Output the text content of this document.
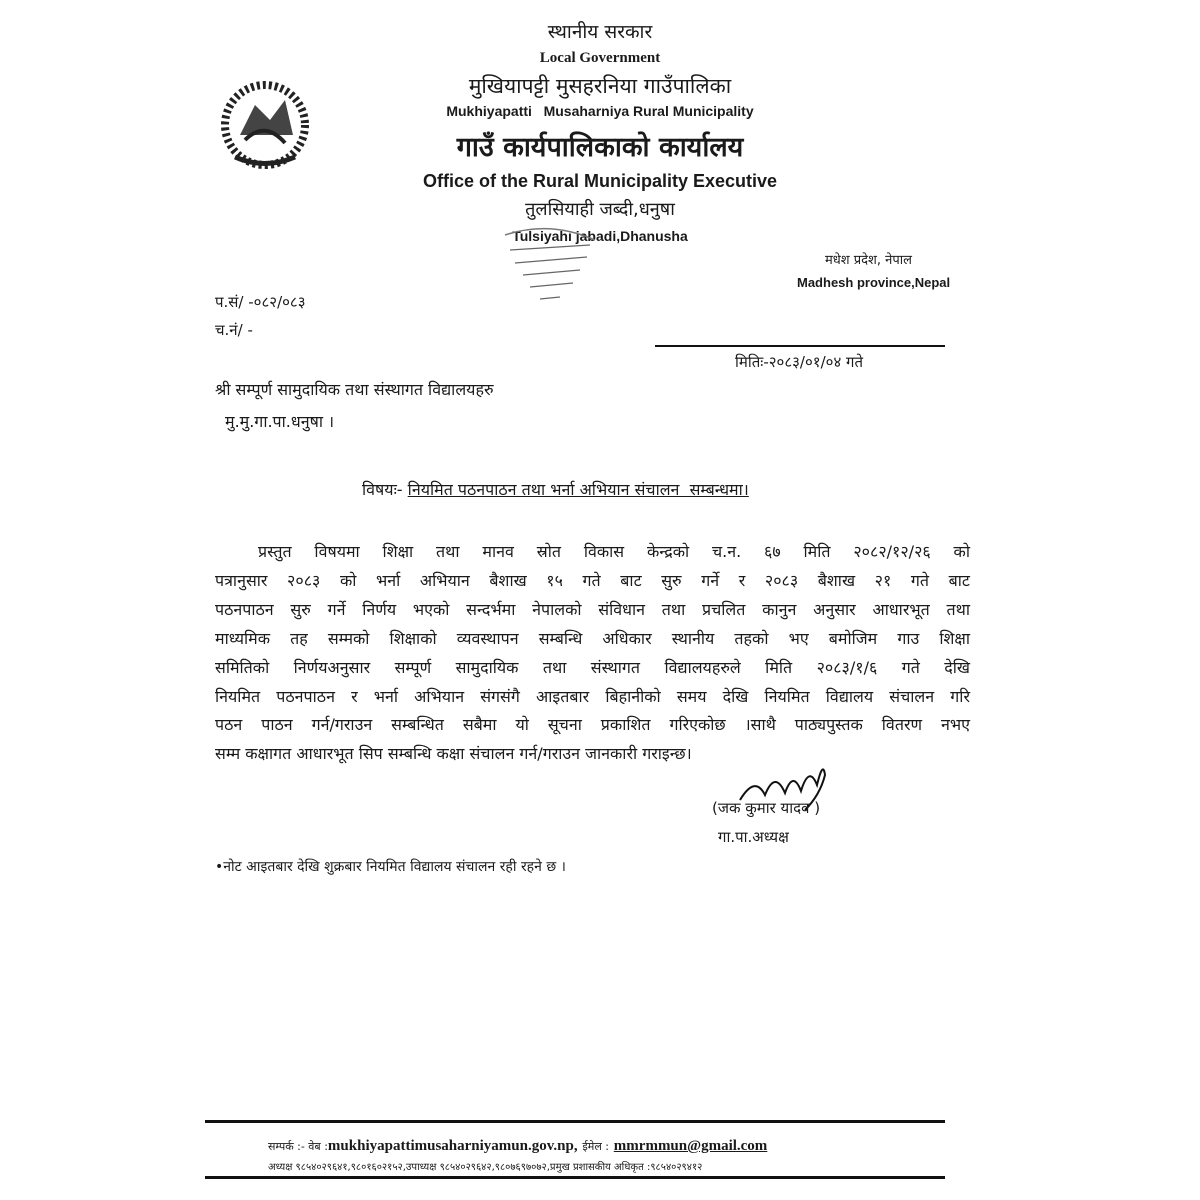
स्थानीय सरकार
Local Government
मुखियापट्टी मुसहरनिया गाउँपालिका
Mukhiyapatti   Musaharniya Rural Municipality
गाउँ कार्यपालिकाको कार्यालय
Office of the Rural Municipality Executive
तुलसियाही जब्दी,धनुषा
Tulsiyahi jabadi,Dhanusha
मधेश प्रदेश, नेपाल
Madhesh province,Nepal
प.सं/ -०८२/०८३
च.नं/ -
मितिः-२०८३/०१/०४ गते
श्री सम्पूर्ण सामुदायिक तथा संस्थागत विद्यालयहरु
मु.मु.गा.पा.धनुषा ।
विषयः- नियमित पठनपाठन तथा भर्ना अभियान संचालन  सम्बन्धमा।
प्रस्तुत विषयमा शिक्षा तथा मानव स्रोत विकास केन्द्रको च.न. ६७ मिति २०८२/१२/२६ को
पत्रानुसार २०८३ को भर्ना अभियान बैशाख १५ गते बाट सुरु गर्ने र २०८३ बैशाख २१ गते बाट
पठनपाठन सुरु गर्ने निर्णय भएको सन्दर्भमा नेपालको संविधान तथा प्रचलित कानुन अनुसार आधारभूत तथा
माध्यमिक तह सम्मको शिक्षाको व्यवस्थापन सम्बन्धि अधिकार स्थानीय तहको भए बमोजिम गाउ शिक्षा
समितिको निर्णयअनुसार सम्पूर्ण सामुदायिक तथा संस्थागत विद्यालयहरुले मिति २०८३/१/६ गते देखि
नियमित पठनपाठन र भर्ना अभियान संगसंगै आइतबार बिहानीको समय देखि नियमित विद्यालय संचालन गरि
पठन पाठन गर्न/गराउन सम्बन्धित सबैमा यो सूचना प्रकाशित गरिएकोछ ।साथै पाठ्यपुस्तक वितरण नभए
सम्म कक्षागत आधारभूत सिप सम्बन्धि कक्षा संचालन गर्न/गराउन जानकारी गराइन्छ।
(जक कुमार यादव )
गा.पा.अध्यक्ष
•नोट आइतबार देखि शुक्रबार नियमित विद्यालय संचालन रही रहने छ ।
सम्पर्क :- वेब :mukhiyapattimusaharniyamun.gov.np, ईमेल : mmrmmun@gmail.com
अध्यक्ष ९८५४०२९६४१,९८०१६०२१५२,उपाध्यक्ष ९८५४०२९६४२,९८०७६९७०७२,प्रमुख प्रशासकीय अधिकृत :९८५४०२९४१२
